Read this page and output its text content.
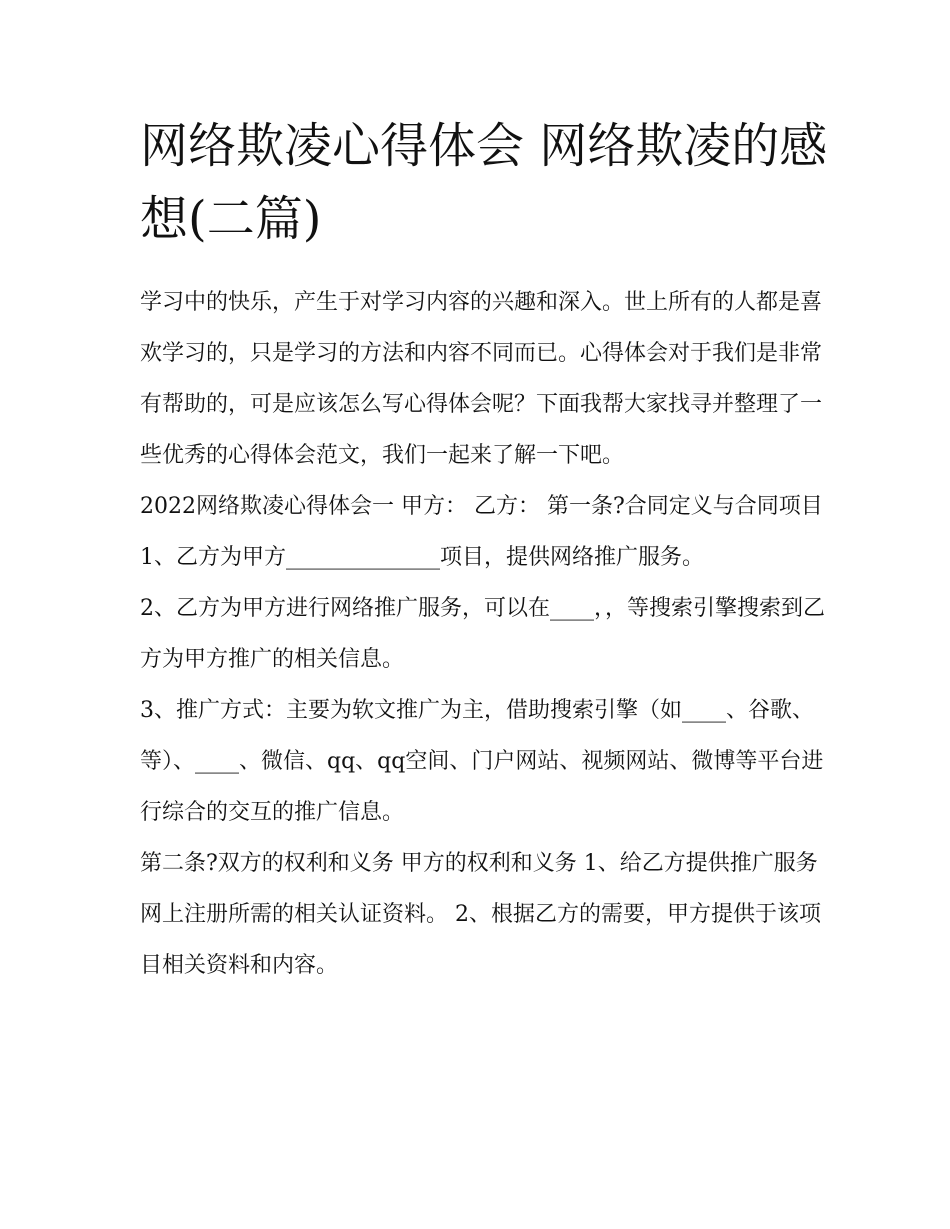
网络欺凌心得体会 网络欺凌的感想(二篇)

学习中的快乐，产生于对学习内容的兴趣和深入。世上所有的人都是喜欢学习的，只是学习的方法和内容不同而已。心得体会对于我们是非常有帮助的，可是应该怎么写心得体会呢？下面我帮大家找寻并整理了一些优秀的心得体会范文，我们一起来了解一下吧。

2022网络欺凌心得体会一 甲方： 乙方： 第一条?合同定义与合同项目 1、乙方为甲方______________项目，提供网络推广服务。

2、乙方为甲方进行网络推广服务，可以在____，，等搜索引擎搜索到乙方为甲方推广的相关信息。

3、推广方式：主要为软文推广为主，借助搜索引擎（如____、谷歌、等）、____、微信、qq、qq空间、门户网站、视频网站、微博等平台进行综合的交互的推广信息。

第二条?双方的权利和义务 甲方的权利和义务 1、给乙方提供推广服务网上注册所需的相关认证资料。 2、根据乙方的需要，甲方提供于该项目相关资料和内容。
